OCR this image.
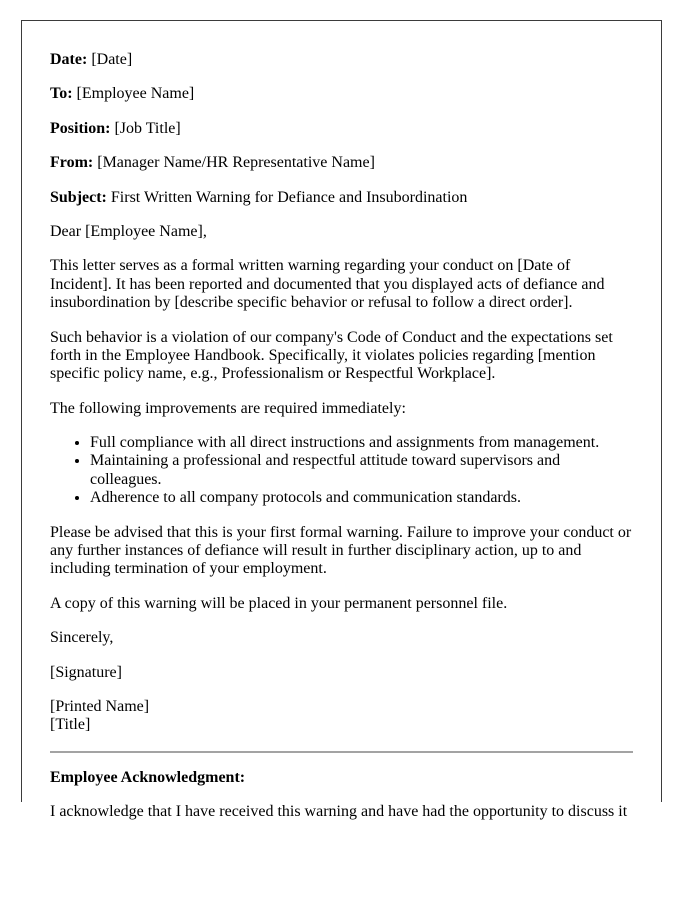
Date: [Date]

To: [Employee Name]

Position: [Job Title]

From: [Manager Name/HR Representative Name]

Subject: First Written Warning for Defiance and Insubordination

Dear [Employee Name],

This letter serves as a formal written warning regarding your conduct on [Date of Incident]. It has been reported and documented that you displayed acts of defiance and insubordination by [describe specific behavior or refusal to follow a direct order].

Such behavior is a violation of our company's Code of Conduct and the expectations set forth in the Employee Handbook. Specifically, it violates policies regarding [mention specific policy name, e.g., Professionalism or Respectful Workplace].

The following improvements are required immediately:

• Full compliance with all direct instructions and assignments from management.
• Maintaining a professional and respectful attitude toward supervisors and colleagues.
• Adherence to all company protocols and communication standards.

Please be advised that this is your first formal warning. Failure to improve your conduct or any further instances of defiance will result in further disciplinary action, up to and including termination of your employment.

A copy of this warning will be placed in your permanent personnel file.

Sincerely,

[Signature]

[Printed Name]
[Title]

Employee Acknowledgment:

I acknowledge that I have received this warning and have had the opportunity to discuss it
